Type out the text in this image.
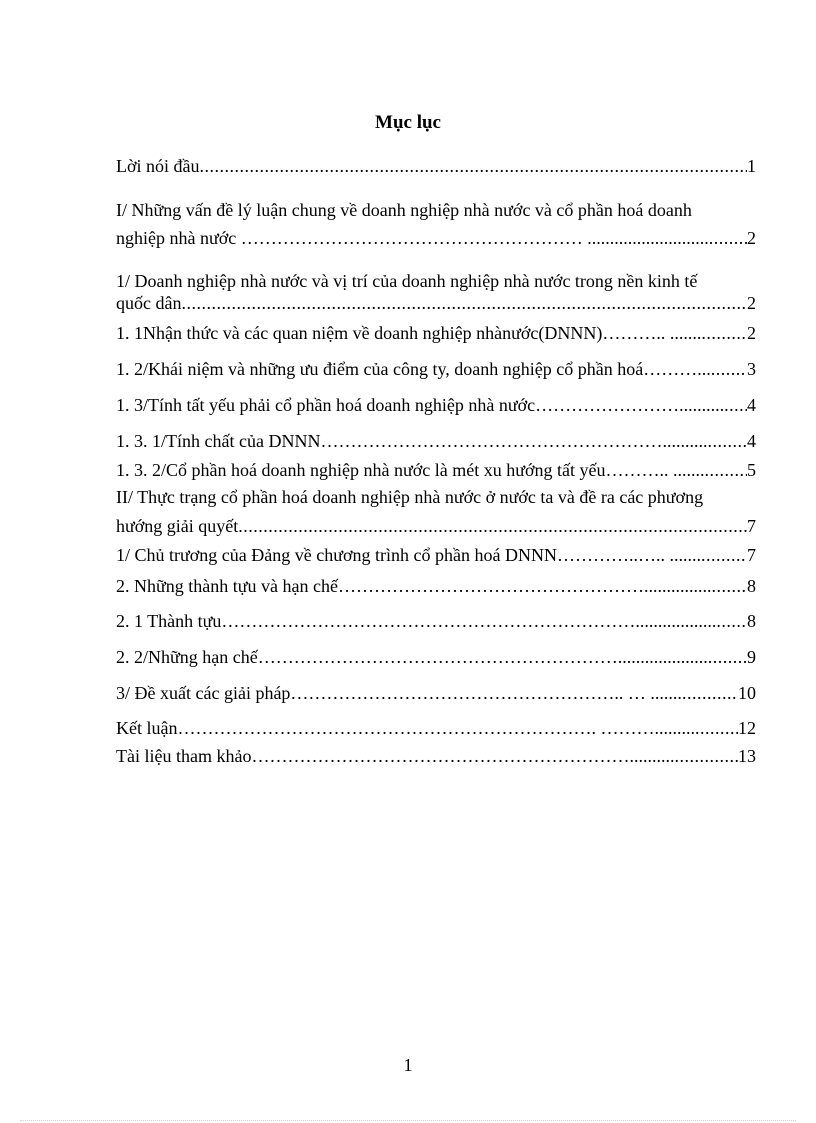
Mục lục
Lời nói đầu .....	1
I/ Những vấn đề lý luận chung về doanh nghiệp nhà nước và cổ phần hoá doanh
nghiệp nhà nước ………………………………………………… ........................... ..... 2
1/ Doanh nghiệp nhà nước và vị trí của doanh nghiệp nhà nước trong nền kinh tế
quốc dân .....	2
1. 1Nhận thức và các quan niệm về doanh nghiệp nhànước(DNNN)……….. ....... .....	2
1. 2/Khái niệm và những ưu điểm của công ty, doanh nghiệp cổ phần hoá………... ..... 3
1. 3/Tính tất yếu phải cổ phần hoá doanh nghiệp nhà nước…………………….......... ..... 4
1. 3. 1/Tính chất của DNNN………………………………………………….......... ..... 4
1. 3. 2/Cổ phần hoá doanh nghiệp nhà nước là mét xu hướng tất yếu……….. ....... ..... 5
II/ Thực trạng cổ phần hoá doanh nghiệp nhà nước ở nước ta và đề ra các phương
hướng giải quyết .....	7
1/ Chủ trương của Đảng về chương trình cổ phần hoá DNNN…………..….. ....... .....	7
2. Những thành tựu và hạn chế……………………………………………............... ..... 8
2. 1 Thành tựu…………………………………………………………….................. ..... 8
2. 2/Những hạn chế…………………………………………………….................... ..... 9
3/ Đề xuất các giải pháp……………………………………………….. … ....... .....	10
Kết luận……………………………………………………………. ………......... ..... 12
Tài liệu tham khảo……………………………………………………….......... .....	13
1
